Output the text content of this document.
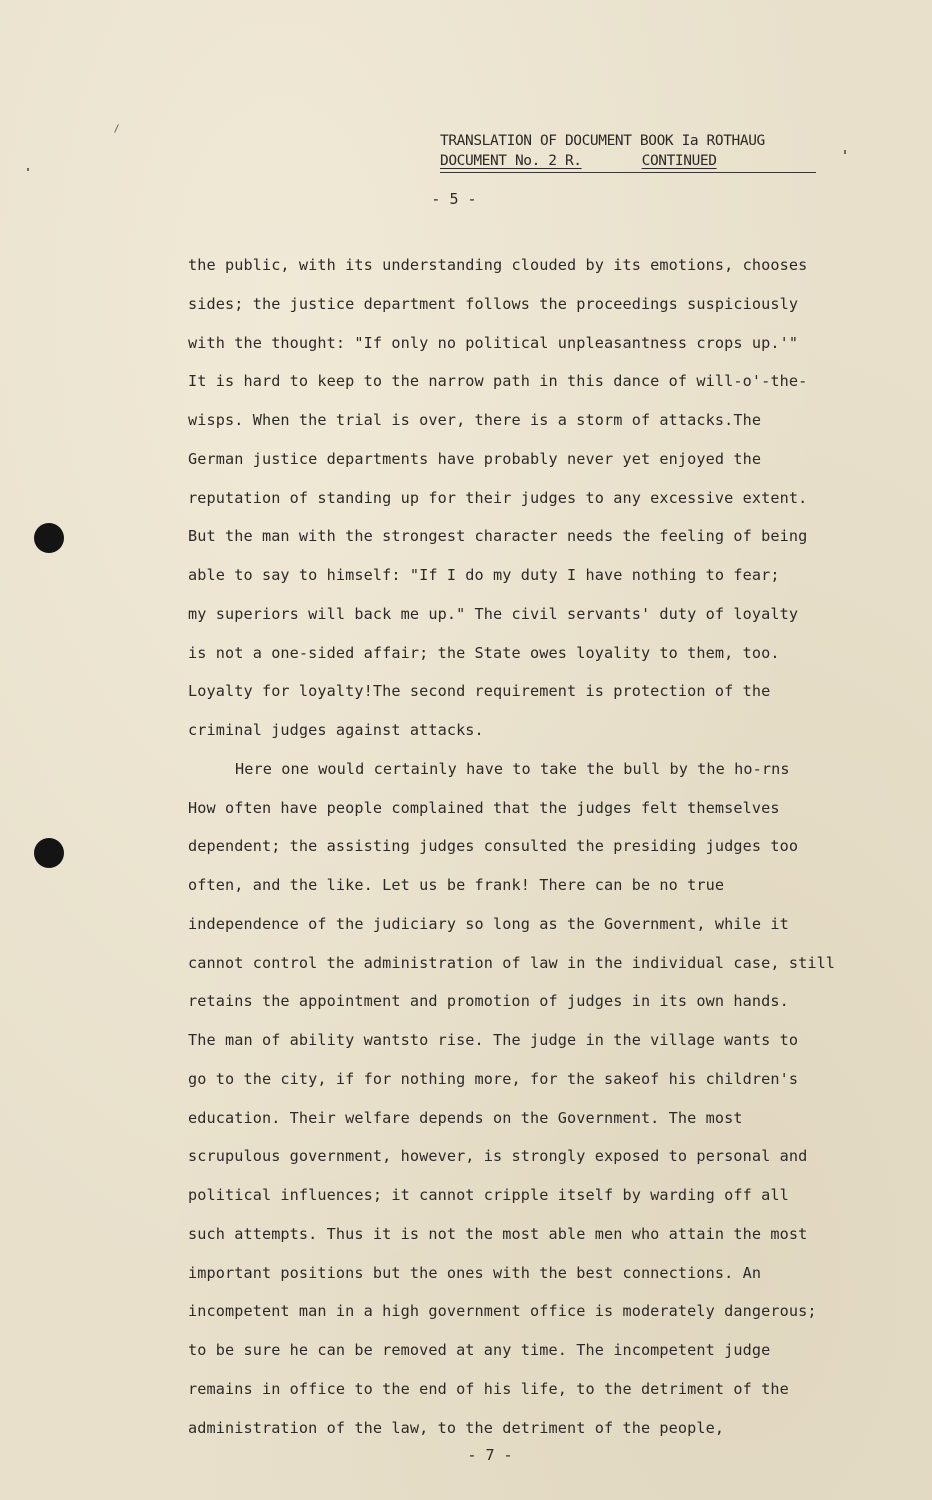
TRANSLATION OF DOCUMENT BOOK Ia ROTHAUG
DOCUMENT No. 2 R.	CONTINUED
- 5 -
the public, with its understanding clouded by its emotions, chooses
sides; the justice department follows the proceedings suspiciously
with the thought: "If only no political unpleasantness crops up.'"
It is hard to keep to the narrow path in this dance of will-o'-the-
wisps. When the trial is over, there is a storm of attacks.The
German justice departments have probably never yet enjoyed the
reputation of standing up for their judges to any excessive extent.
But the man with the strongest character needs the feeling of being
able to say to himself: "If I do my duty I have nothing to fear;
my superiors will back me up." The civil servants' duty of loyalty
is not a one-sided affair; the State owes loyality to them, too.
Loyalty for loyalty!The second requirement is protection of the
criminal judges against attacks.
Here one would certainly have to take the bull by the ho-rns
How often have people complained that the judges felt themselves
dependent; the assisting judges consulted the presiding judges too
often, and the like. Let us be frank! There can be no true
independence of the judiciary so long as the Government, while it
cannot control the administration of law in the individual case, still
retains the appointment and promotion of judges in its own hands.
The man of ability wantsto rise. The judge in the village wants to
go to the city, if for nothing more, for the sakeof his children's
education. Their welfare depends on the Government. The most
scrupulous government, however, is strongly exposed to personal and
political influences; it cannot cripple itself by warding off all
such attempts. Thus it is not the most able men who attain the most
important positions but the ones with the best connections. An
incompetent man in a high government office is moderately dangerous;
to be sure he can be removed at any time. The incompetent judge
remains in office to the end of his life, to the detriment of the
administration of the law, to the detriment of the people,
- 7 -
